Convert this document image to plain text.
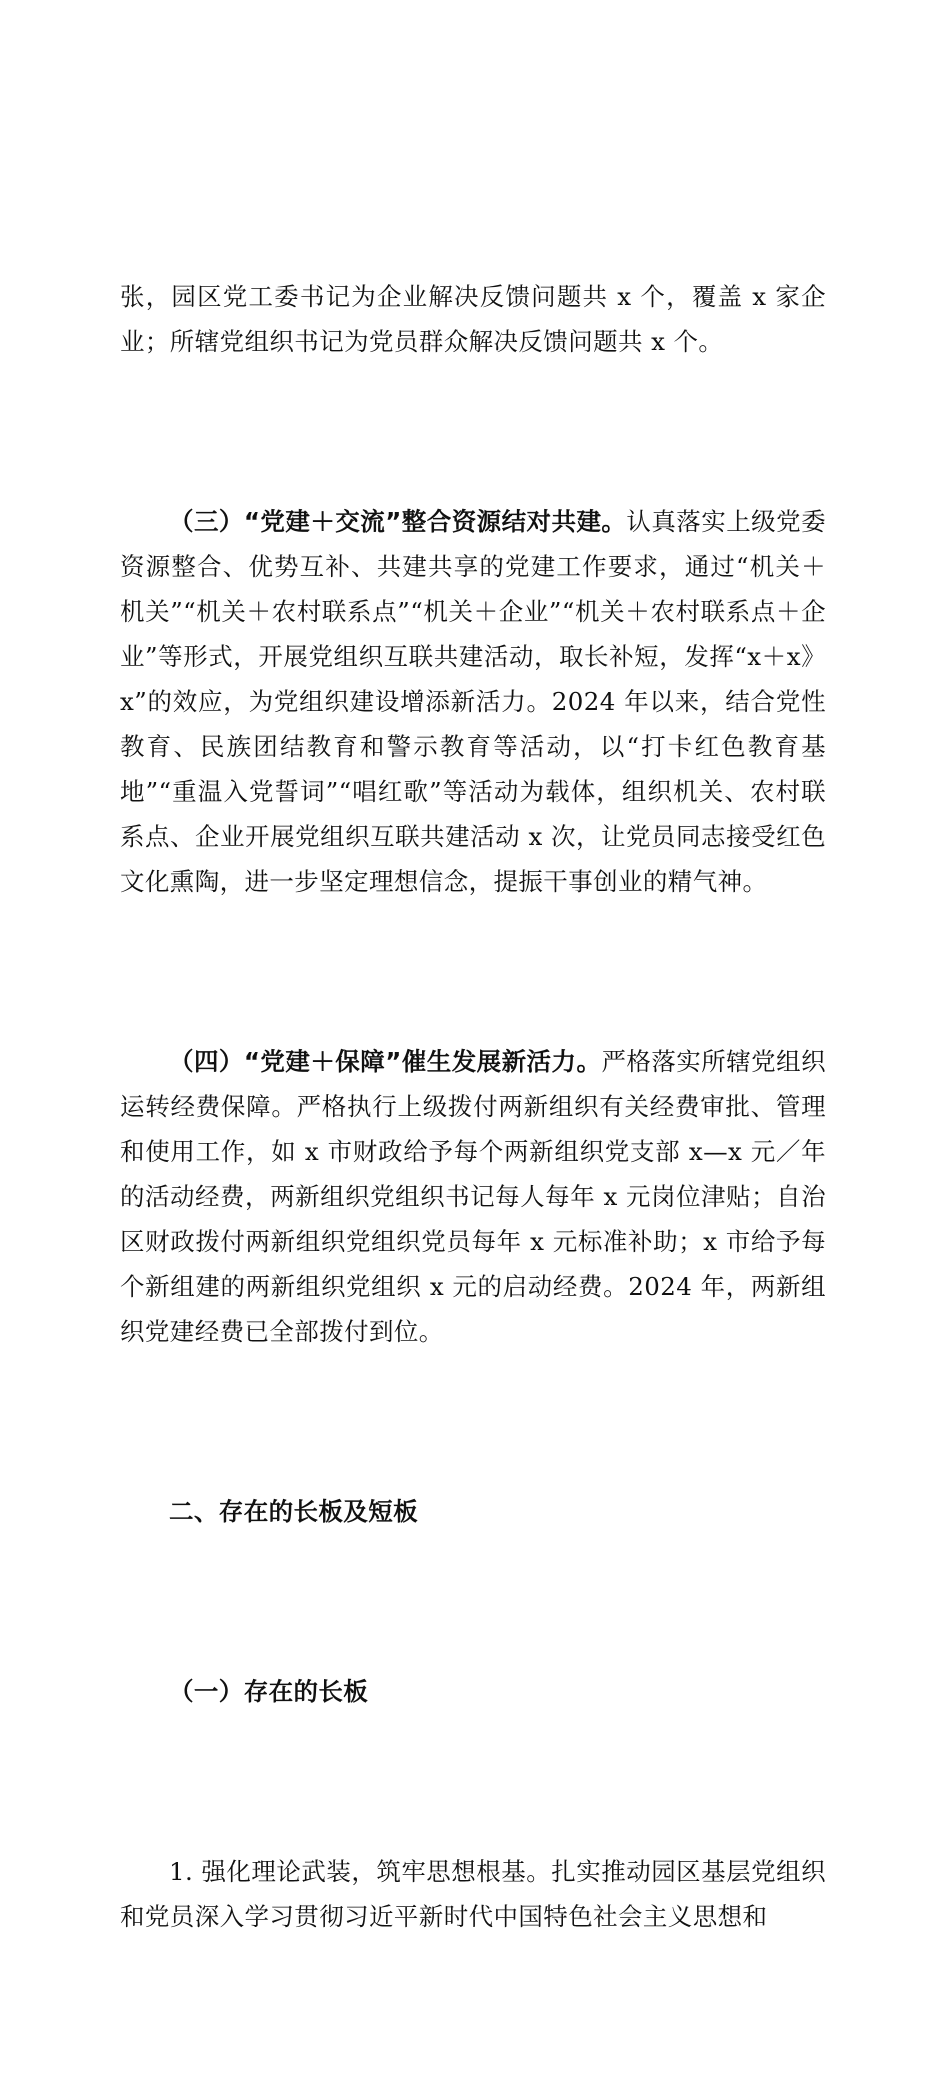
张，园区党工委书记为企业解决反馈问题共 x 个，覆盖 x 家企业；所辖党组织书记为党员群众解决反馈问题共 x 个。

（三）“党建＋交流”整合资源结对共建。认真落实上级党委资源整合、优势互补、共建共享的党建工作要求，通过“机关＋机关”“机关＋农村联系点”“机关＋企业”“机关＋农村联系点＋企业”等形式，开展党组织互联共建活动，取长补短，发挥“x＋x》x”的效应，为党组织建设增添新活力。2024 年以来，结合党性教育、民族团结教育和警示教育等活动，以“打卡红色教育基地”“重温入党誓词”“唱红歌”等活动为载体，组织机关、农村联系点、企业开展党组织互联共建活动 x 次，让党员同志接受红色文化熏陶，进一步坚定理想信念，提振干事创业的精气神。

（四）“党建＋保障”催生发展新活力。严格落实所辖党组织运转经费保障。严格执行上级拨付两新组织有关经费审批、管理和使用工作，如 x 市财政给予每个两新组织党支部 x—x 元／年的活动经费，两新组织党组织书记每人每年 x 元岗位津贴；自治区财政拨付两新组织党组织党员每年 x 元标准补助；x 市给予每个新组建的两新组织党组织 x 元的启动经费。2024 年，两新组织党建经费已全部拨付到位。

二、存在的长板及短板

（一）存在的长板

1. 强化理论武装，筑牢思想根基。扎实推动园区基层党组织和党员深入学习贯彻习近平新时代中国特色社会主义思想和
